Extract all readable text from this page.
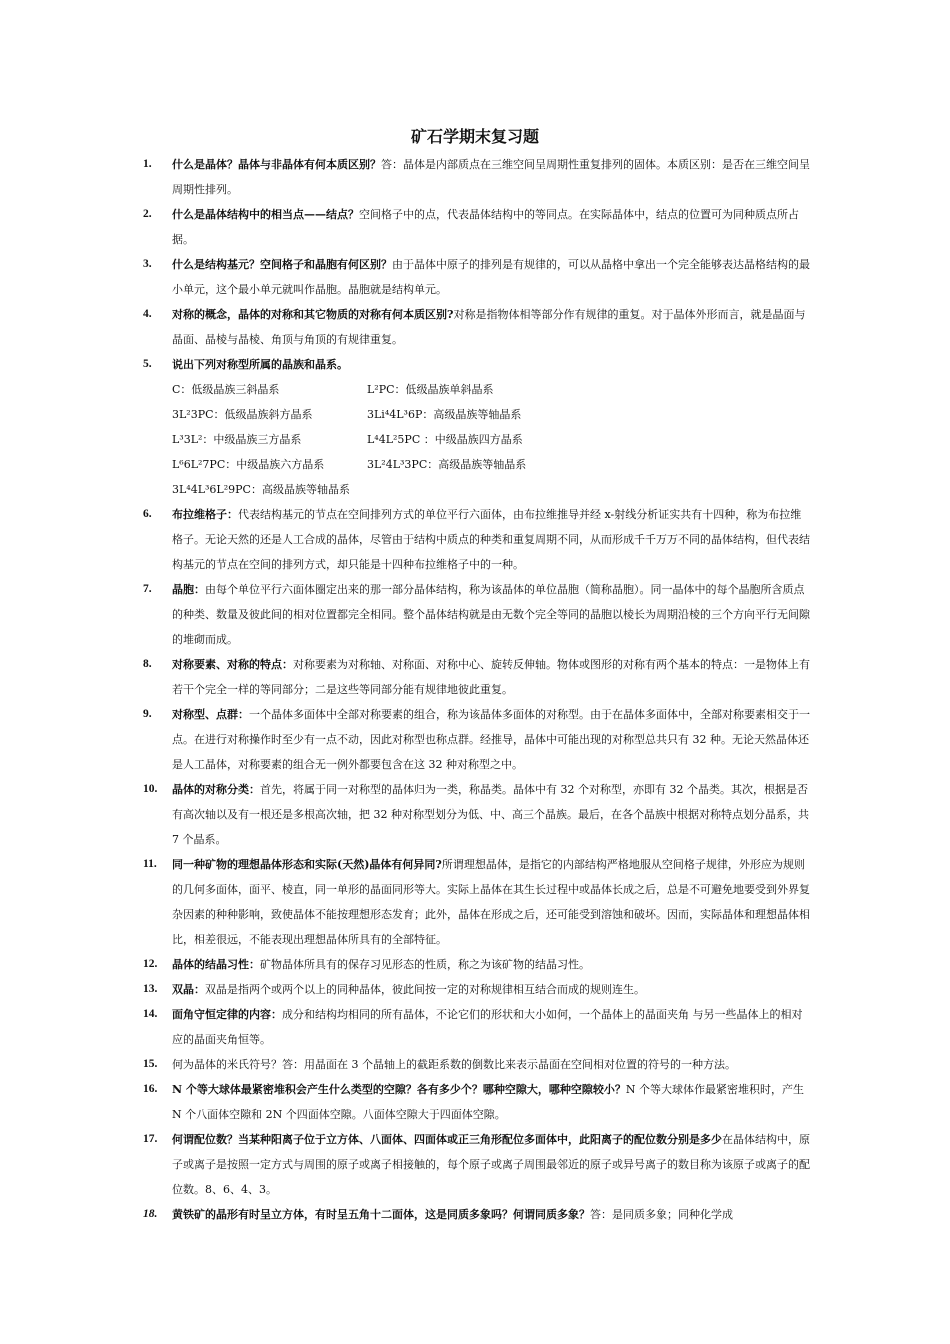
矿石学期末复习题
1. 什么是晶体？晶体与非晶体有何本质区别？答：晶体是内部质点在三维空间呈周期性重复排列的固体。本质区别：是否在三维空间呈周期性排列。
2. 什么是晶体结构中的相当点——结点？空间格子中的点，代表晶体结构中的等同点。在实际晶体中，结点的位置可为同种质点所占据。
3. 什么是结构基元？空间格子和晶胞有何区别？由于晶体中原子的排列是有规律的，可以从晶格中拿出一个完全能够表达晶格结构的最小单元，这个最小单元就叫作晶胞。晶胞就是结构单元。
4. 对称的概念，晶体的对称和其它物质的对称有何本质区别?对称是指物体相等部分作有规律的重复。对于晶体外形而言，就是晶面与晶面、晶棱与晶棱、角顶与角顶的有规律重复。
5. 说出下列对称型所属的晶族和晶系。
C：低级晶族三斜晶系	L²PC：低级晶族单斜晶系
3L²3PC：低级晶族斜方晶系	3Li⁴4L³6P：高级晶族等轴晶系
L³3L²：中级晶族三方晶系	L⁴4L²5PC ：中级晶族四方晶系
L⁶6L²7PC：中级晶族六方晶系	3L²4L³3PC：高级晶族等轴晶系
3L⁴4L³6L²9PC：高级晶族等轴晶系
6. 布拉维格子：代表结构基元的节点在空间排列方式的单位平行六面体，由布拉维推导并经 x-射线分析证实共有十四种，称为布拉维格子。无论天然的还是人工合成的晶体，尽管由于结构中质点的种类和重复周期不同，从而形成千千万万不同的晶体结构，但代表结构基元的节点在空间的排列方式，却只能是十四种布拉维格子中的一种。
7. 晶胞：由每个单位平行六面体圈定出来的那一部分晶体结构，称为该晶体的单位晶胞（简称晶胞）。同一晶体中的每个晶胞所含质点的种类、数量及彼此间的相对位置都完全相同。整个晶体结构就是由无数个完全等同的晶胞以棱长为周期沿棱的三个方向平行无间隙的堆砌而成。
8. 对称要素、对称的特点：对称要素为对称轴、对称面、对称中心、旋转反伸轴。物体或图形的对称有两个基本的特点：一是物体上有若干个完全一样的等同部分；二是这些等同部分能有规律地彼此重复。
9. 对称型、点群：一个晶体多面体中全部对称要素的组合，称为该晶体多面体的对称型。由于在晶体多面体中，全部对称要素相交于一点。在进行对称操作时至少有一点不动，因此对称型也称点群。经推导，晶体中可能出现的对称型总共只有 32 种。无论天然晶体还是人工晶体，对称要素的组合无一例外都要包含在这 32 种对称型之中。
10. 晶体的对称分类：首先，将属于同一对称型的晶体归为一类，称晶类。晶体中有 32 个对称型，亦即有 32 个晶类。其次，根据是否有高次轴以及有一根还是多根高次轴，把 32 种对称型划分为低、中、高三个晶族。最后，在各个晶族中根据对称特点划分晶系，共 7 个晶系。
11. 同一种矿物的理想晶体形态和实际(天然)晶体有何异同?所谓理想晶体，是指它的内部结构严格地服从空间格子规律，外形应为规则的几何多面体，面平、棱直，同一单形的晶面同形等大。实际上晶体在其生长过程中或晶体长成之后，总是不可避免地要受到外界复杂因素的种种影响，致使晶体不能按理想形态发育；此外，晶体在形成之后，还可能受到溶蚀和破坏。因而，实际晶体和理想晶体相比，相差很远，不能表现出理想晶体所具有的全部特征。
12. 晶体的结晶习性：矿物晶体所具有的保存习见形态的性质，称之为该矿物的结晶习性。
13. 双晶：双晶是指两个或两个以上的同种晶体，彼此间按一定的对称规律相互结合而成的规则连生。
14. 面角守恒定律的内容：成分和结构均相同的所有晶体，不论它们的形状和大小如何，一个晶体上的晶面夹角 与另一些晶体上的相对应的晶面夹角恒等。
15. 何为晶体的米氏符号？答：用晶面在 3 个晶轴上的截距系数的倒数比来表示晶面在空间相对位置的符号的一种方法。
16. N 个等大球体最紧密堆积会产生什么类型的空隙？各有多少个？哪种空隙大，哪种空隙较小？N 个等大球体作最紧密堆积时，产生 N 个八面体空隙和 2N 个四面体空隙。八面体空隙大于四面体空隙。
17. 何谓配位数？当某种阳离子位于立方体、八面体、四面体或正三角形配位多面体中，此阳离子的配位数分别是多少在晶体结构中，原子或离子是按照一定方式与周围的原子或离子相接触的，每个原子或离子周围最邻近的原子或异号离子的数目称为该原子或离子的配位数。8、6、4、3。
18. 黄铁矿的晶形有时呈立方体，有时呈五角十二面体，这是同质多象吗？何谓同质多象？答：是同质多象；同种化学成
